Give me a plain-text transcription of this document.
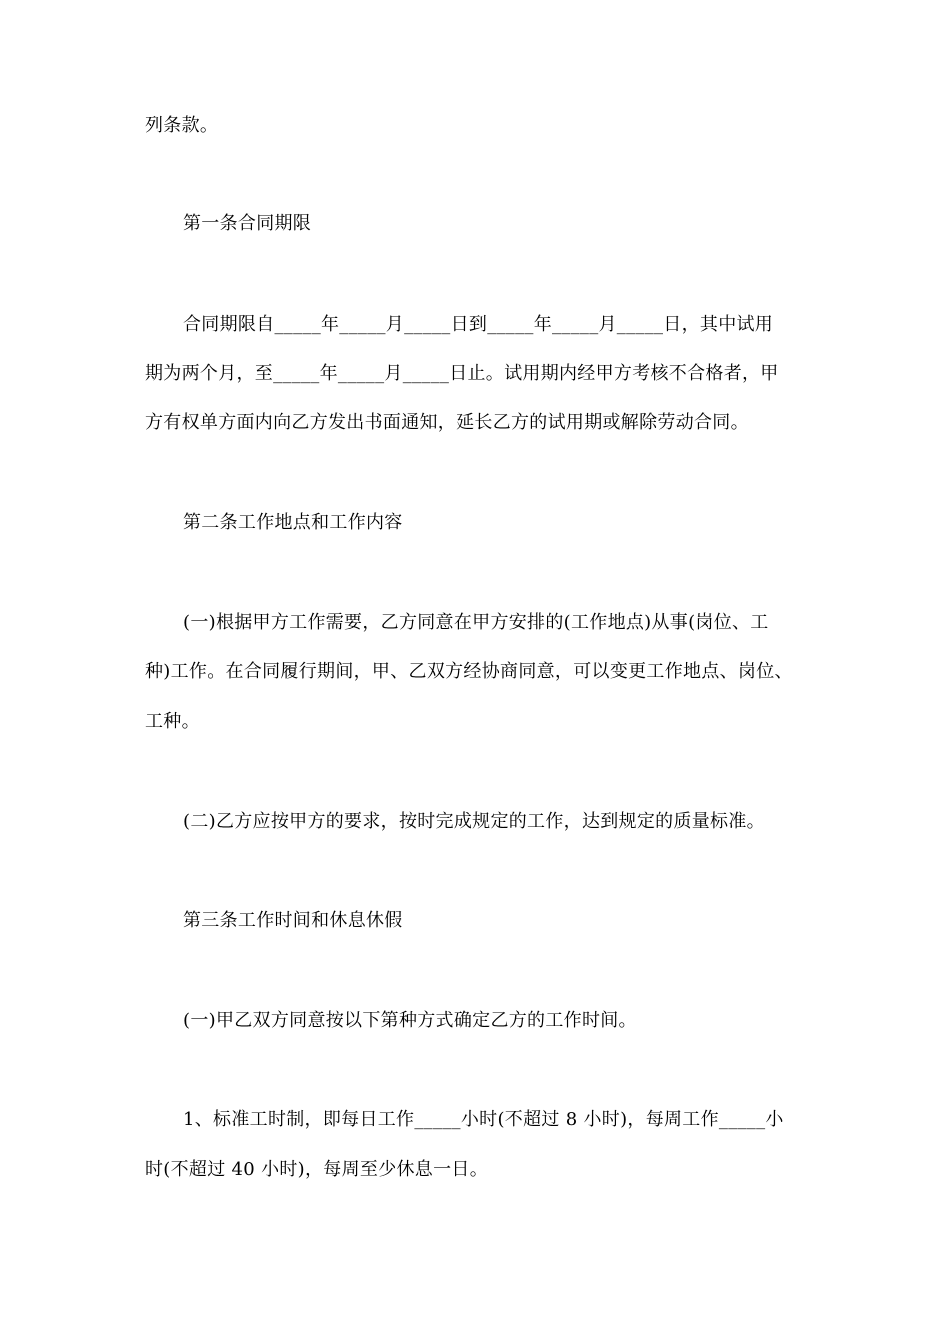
列条款。
第一条合同期限
合同期限自_____年_____月_____日到_____年_____月_____日，其中试用
期为两个月，至_____年_____月_____日止。试用期内经甲方考核不合格者，甲
方有权单方面内向乙方发出书面通知，延长乙方的试用期或解除劳动合同。
第二条工作地点和工作内容
(一)根据甲方工作需要，乙方同意在甲方安排的(工作地点)从事(岗位、工
种)工作。在合同履行期间，甲、乙双方经协商同意，可以变更工作地点、岗位、
工种。
(二)乙方应按甲方的要求，按时完成规定的工作，达到规定的质量标准。
第三条工作时间和休息休假
(一)甲乙双方同意按以下第种方式确定乙方的工作时间。
1、标准工时制，即每日工作_____小时(不超过 8 小时)，每周工作_____小
时(不超过 40 小时)，每周至少休息一日。
